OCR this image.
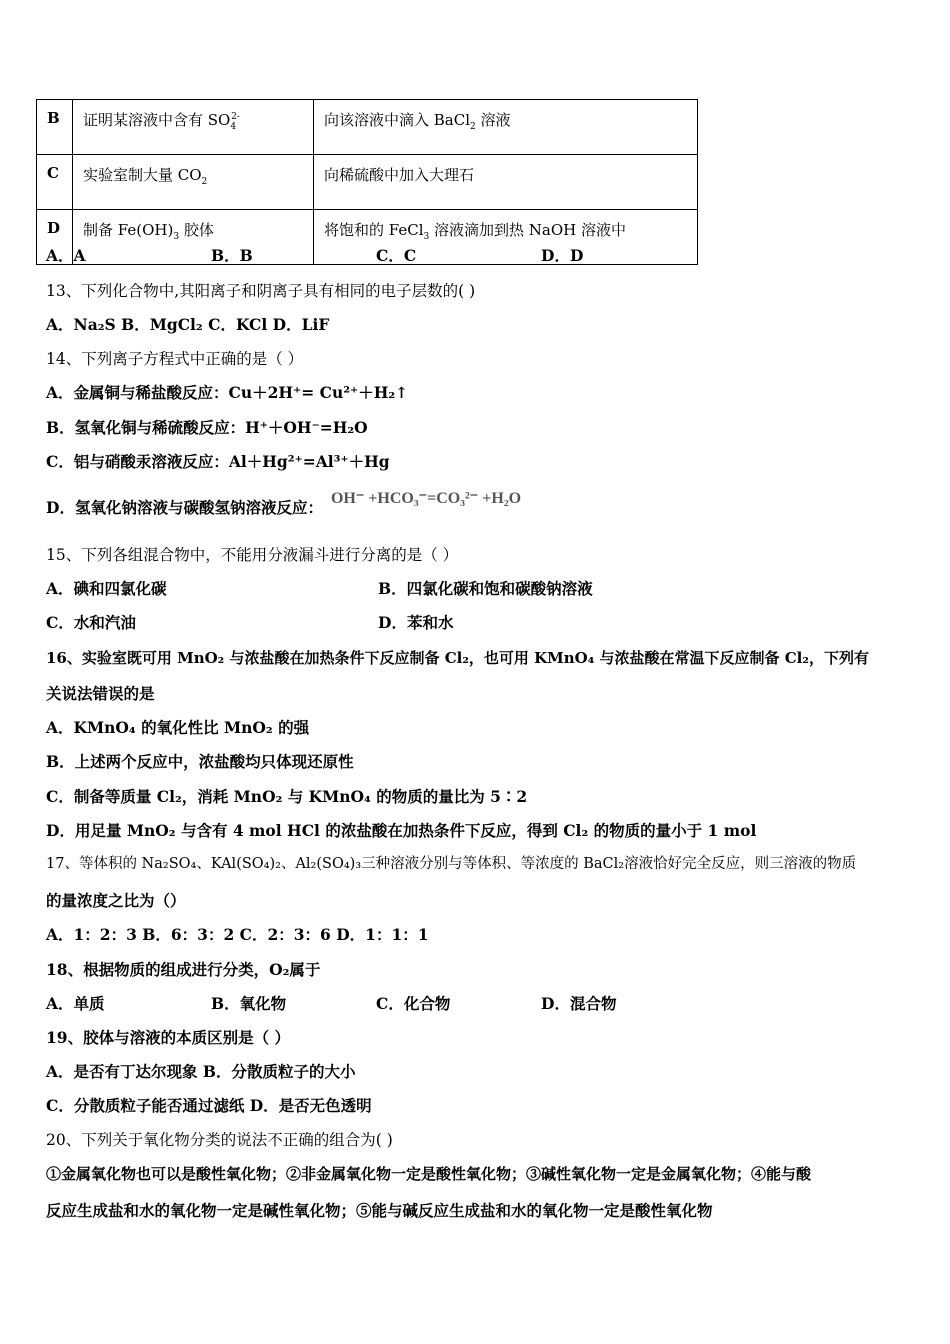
B	证明某溶液中含有 $SO_4^{2-}$	向该溶液中滴入 BaCl$_2$ 溶液
C	实验室制大量 $CO_2$	向稀硫酸中加入大理石
D	制备 $Fe(OH)_3$ 胶体	将饱和的 FeCl$_3$ 溶液滴加到热 NaOH 溶液中
A．A	B．B	C．C	D．D
13、下列化合物中,其阳离子和阴离子具有相同的电子层数的( )
A．Na₂S B．MgCl₂ C．KCl D．LiF
14、下列离子方程式中正确的是（ ）
A．金属铜与稀盐酸反应：Cu＋2H⁺= Cu²⁺＋H₂↑
B．氢氧化铜与稀硫酸反应：H⁺＋OH⁻=H₂O
C．铝与硝酸汞溶液反应：Al＋Hg²⁺=Al³⁺＋Hg
D．氢氧化钠溶液与碳酸氢钠溶液反应： OH⁻ +HCO₃⁻=CO₃²⁻ +H₂O
15、下列各组混合物中，不能用分液漏斗进行分离的是（ ）
A．碘和四氯化碳	B．四氯化碳和饱和碳酸钠溶液
C．水和汽油	D．苯和水
16、实验室既可用 MnO₂ 与浓盐酸在加热条件下反应制备 Cl₂，也可用 KMnO₄ 与浓盐酸在常温下反应制备 Cl₂，下列有
关说法错误的是
A．KMnO₄ 的氧化性比 MnO₂ 的强
B．上述两个反应中，浓盐酸均只体现还原性
C．制备等质量 Cl₂，消耗 MnO₂ 与 KMnO₄ 的物质的量比为 5∶2
D．用足量 MnO₂ 与含有 4 mol HCl 的浓盐酸在加热条件下反应，得到 Cl₂ 的物质的量小于 1 mol
17、等体积的 Na₂SO₄、KAl(SO₄)₂、Al₂(SO₄)₃三种溶液分别与等体积、等浓度的 BaCl₂溶液恰好完全反应，则三溶液的物质
的量浓度之比为（）
A．1：2：3 B．6：3：2 C．2：3：6 D．1：1：1
18、根据物质的组成进行分类，O₂属于
A．单质	B．氧化物	C．化合物	D．混合物
19、胶体与溶液的本质区别是（ ）
A．是否有丁达尔现象 B．分散质粒子的大小
C．分散质粒子能否通过滤纸 D．是否无色透明
20、下列关于氧化物分类的说法不正确的组合为( )
①金属氧化物也可以是酸性氧化物；②非金属氧化物一定是酸性氧化物；③碱性氧化物一定是金属氧化物；④能与酸
反应生成盐和水的氧化物一定是碱性氧化物；⑤能与碱反应生成盐和水的氧化物一定是酸性氧化物
